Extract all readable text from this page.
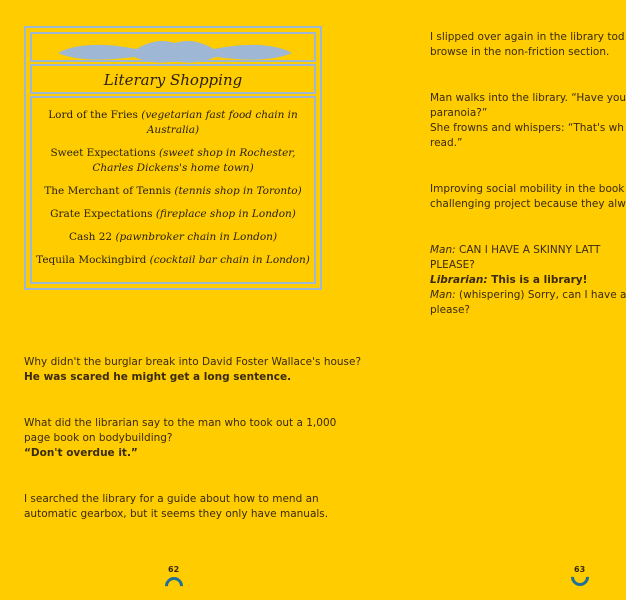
Literary Shopping

Lord of the Fries (vegetarian fast food chain in Australia)

Sweet Expectations (sweet shop in Rochester, Charles Dickens's home town)

The Merchant of Tennis (tennis shop in Toronto)

Grate Expectations (fireplace shop in London)

Cash 22 (pawnbroker chain in London)

Tequila Mockingbird (cocktail bar chain in London)

Why didn't the burglar break into David Foster Wallace's house?
He was scared he might get a long sentence.
What did the librarian say to the man who took out a 1,000
page book on bodybuilding?
“Don't overdue it.”
I searched the library for a guide about how to mend an
automatic gearbox, but it seems they only have manuals.
62
I slipped over again in the library tod
browse in the non-friction section.
Man walks into the library. “Have you
paranoia?”
She frowns and whispers: “That's wh
read.”
Improving social mobility in the book
challenging project because they alw
Man: CAN I HAVE A SKINNY LATT
PLEASE?
Librarian: This is a library!
Man: (whispering) Sorry, can I have a
please?
63
